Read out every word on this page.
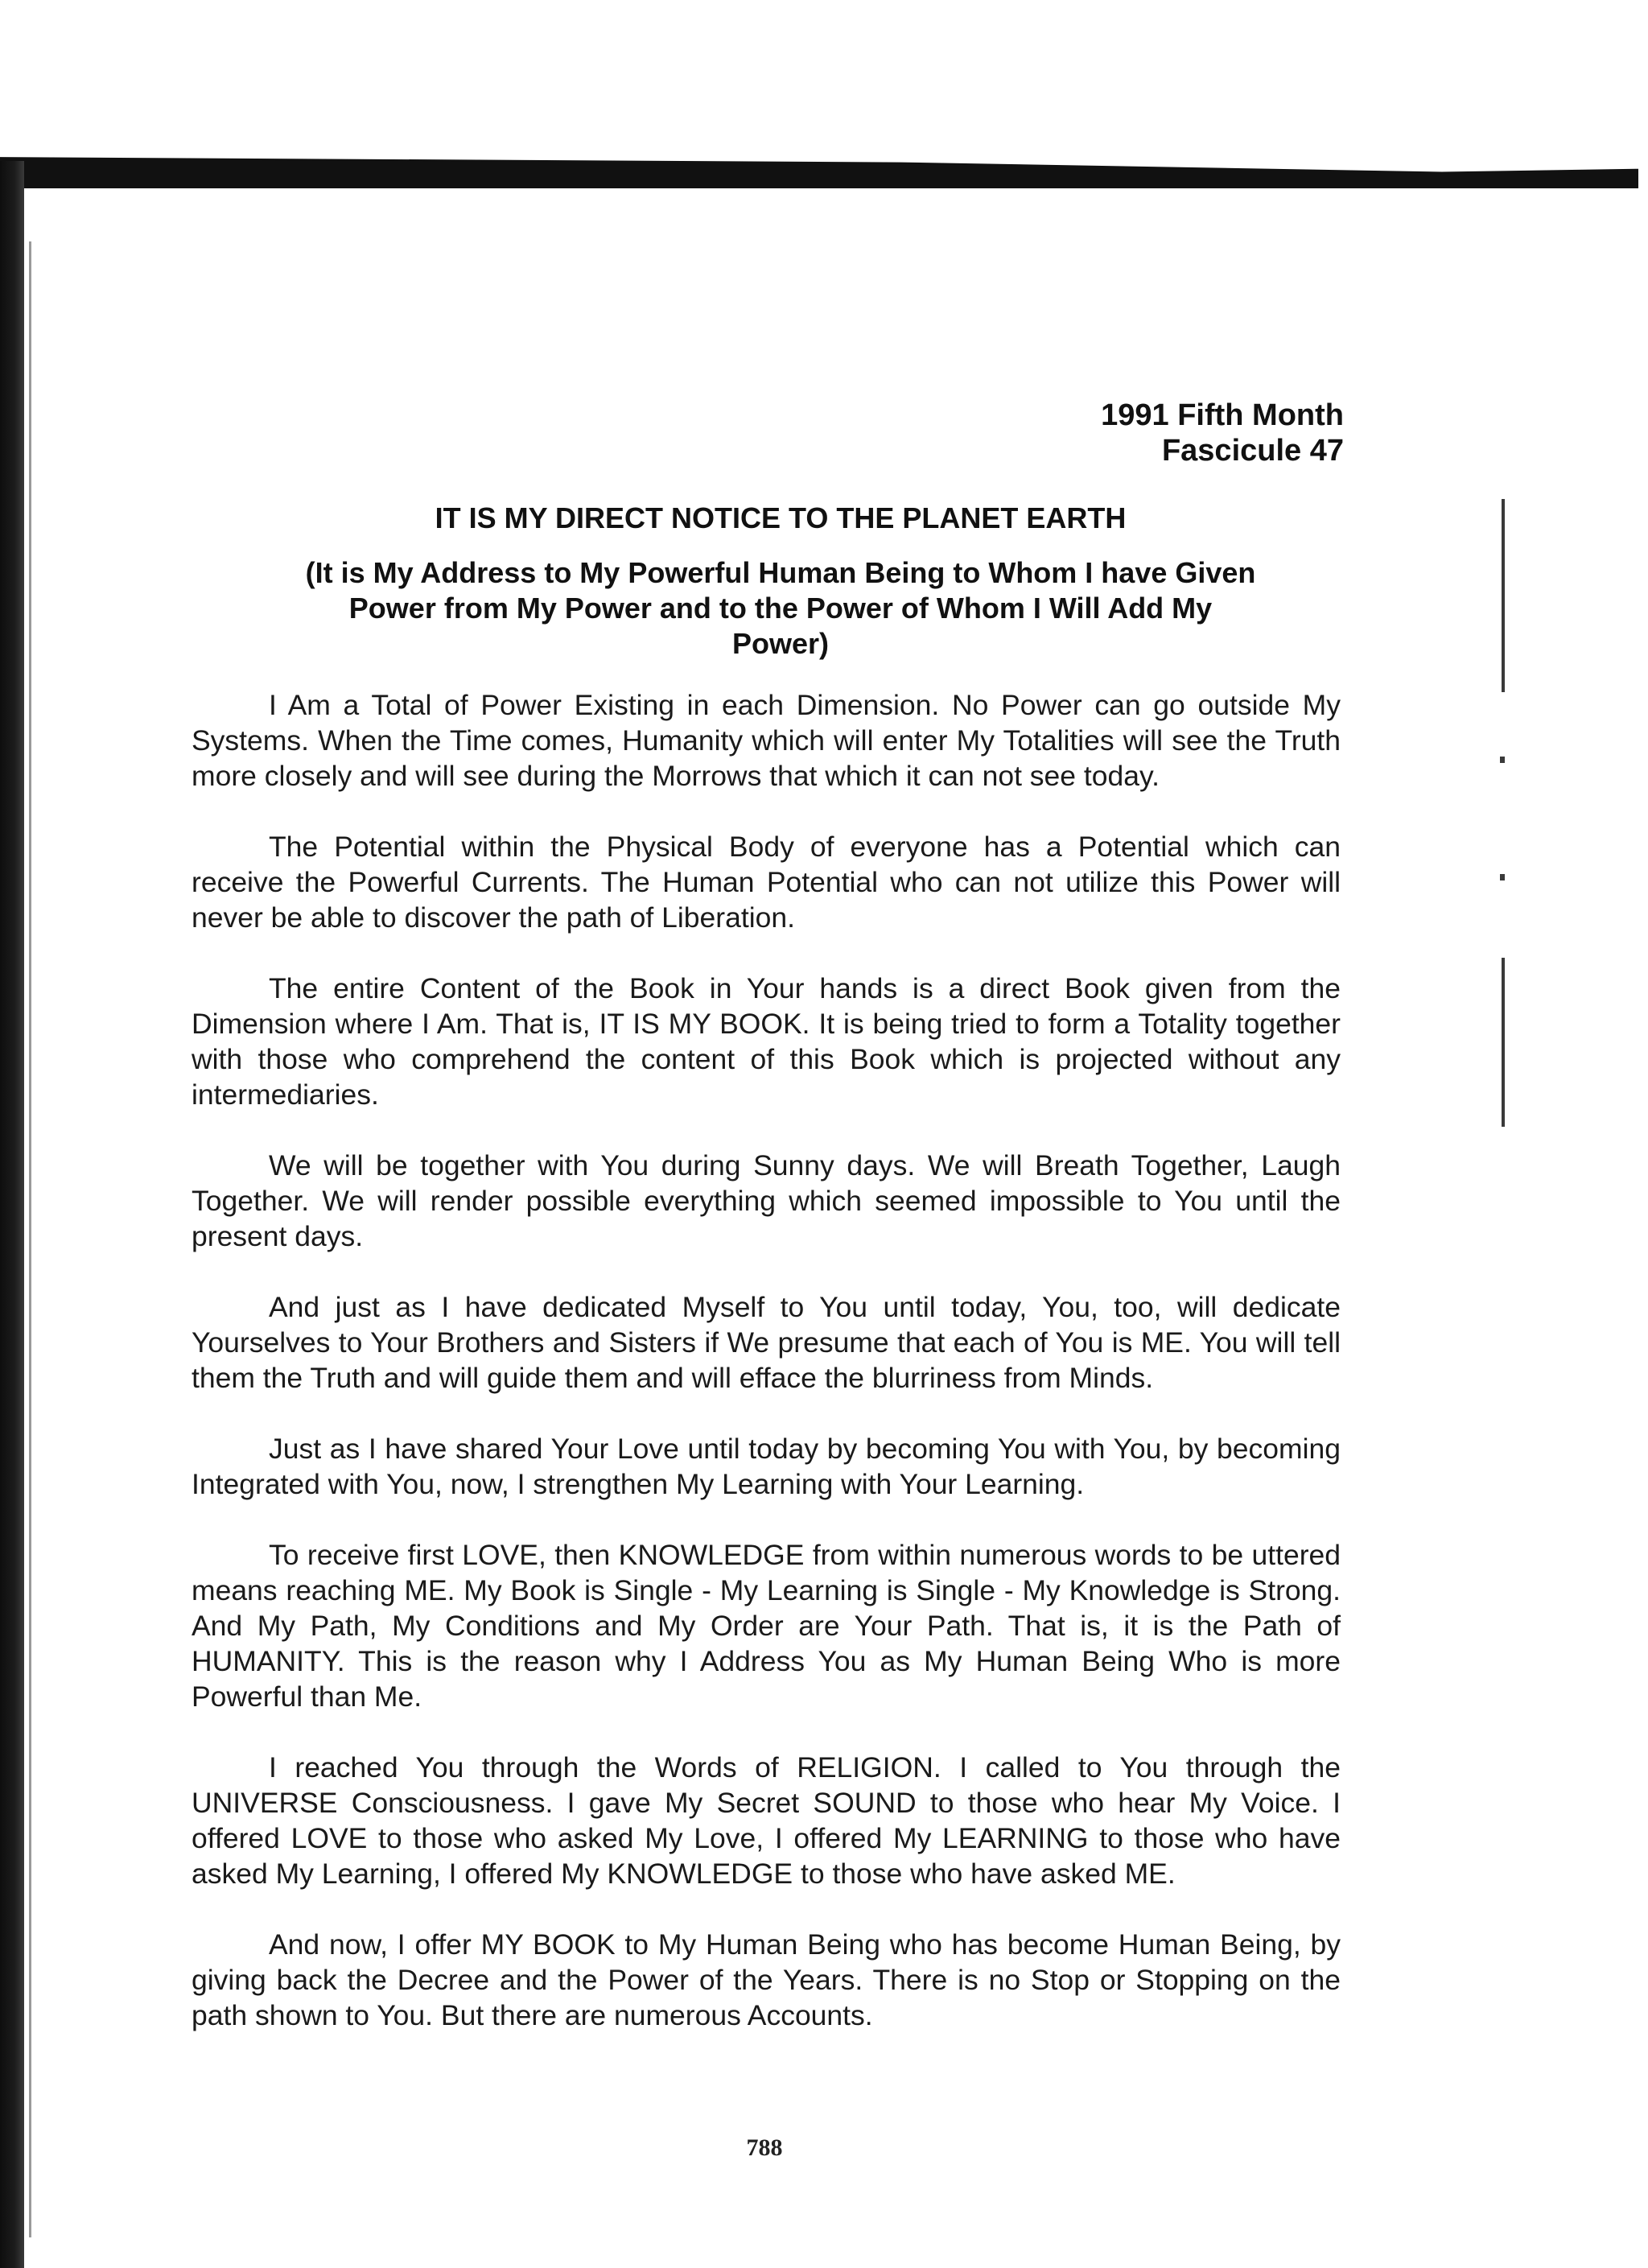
1991 Fifth Month
Fascicule 47
IT IS MY DIRECT NOTICE TO THE PLANET EARTH
(It is My Address to My Powerful Human Being to Whom I have Given Power from My Power and to the Power of Whom I Will Add My Power)

I Am a Total of Power Existing in each Dimension. No Power can go outside My Systems. When the Time comes, Humanity which will enter My Totalities will see the Truth more closely and will see during the Morrows that which it can not see today.

The Potential within the Physical Body of everyone has a Potential which can receive the Powerful Currents. The Human Potential who can not utilize this Power will never be able to discover the path of Liberation.

The entire Content of the Book in Your hands is a direct Book given from the Dimension where I Am. That is, IT IS MY BOOK. It is being tried to form a Totality together with those who comprehend the content of this Book which is projected without any intermediaries.

We will be together with You during Sunny days. We will Breath Together, Laugh Together. We will render possible everything which seemed impossible to You until the present days.

And just as I have dedicated Myself to You until today, You, too, will dedicate Yourselves to Your Brothers and Sisters if We presume that each of You is ME. You will tell them the Truth and will guide them and will efface the blurriness from Minds.

Just as I have shared Your Love until today by becoming You with You, by becoming Integrated with You, now, I strengthen My Learning with Your Learning.

To receive first LOVE, then KNOWLEDGE from within numerous words to be uttered means reaching ME. My Book is Single - My Learning is Single - My Knowledge is Strong. And My Path, My Conditions and My Order are Your Path. That is, it is the Path of HUMANITY. This is the reason why I Address You as My Human Being Who is more Powerful than Me.

I reached You through the Words of RELIGION. I called to You through the UNIVERSE Consciousness. I gave My Secret SOUND to those who hear My Voice. I offered LOVE to those who asked My Love, I offered My LEARNING to those who have asked My Learning, I offered My KNOWLEDGE to those who have asked ME.

And now, I offer MY BOOK to My Human Being who has become Human Being, by giving back the Decree and the Power of the Years. There is no Stop or Stopping on the path shown to You. But there are numerous Accounts.

788
